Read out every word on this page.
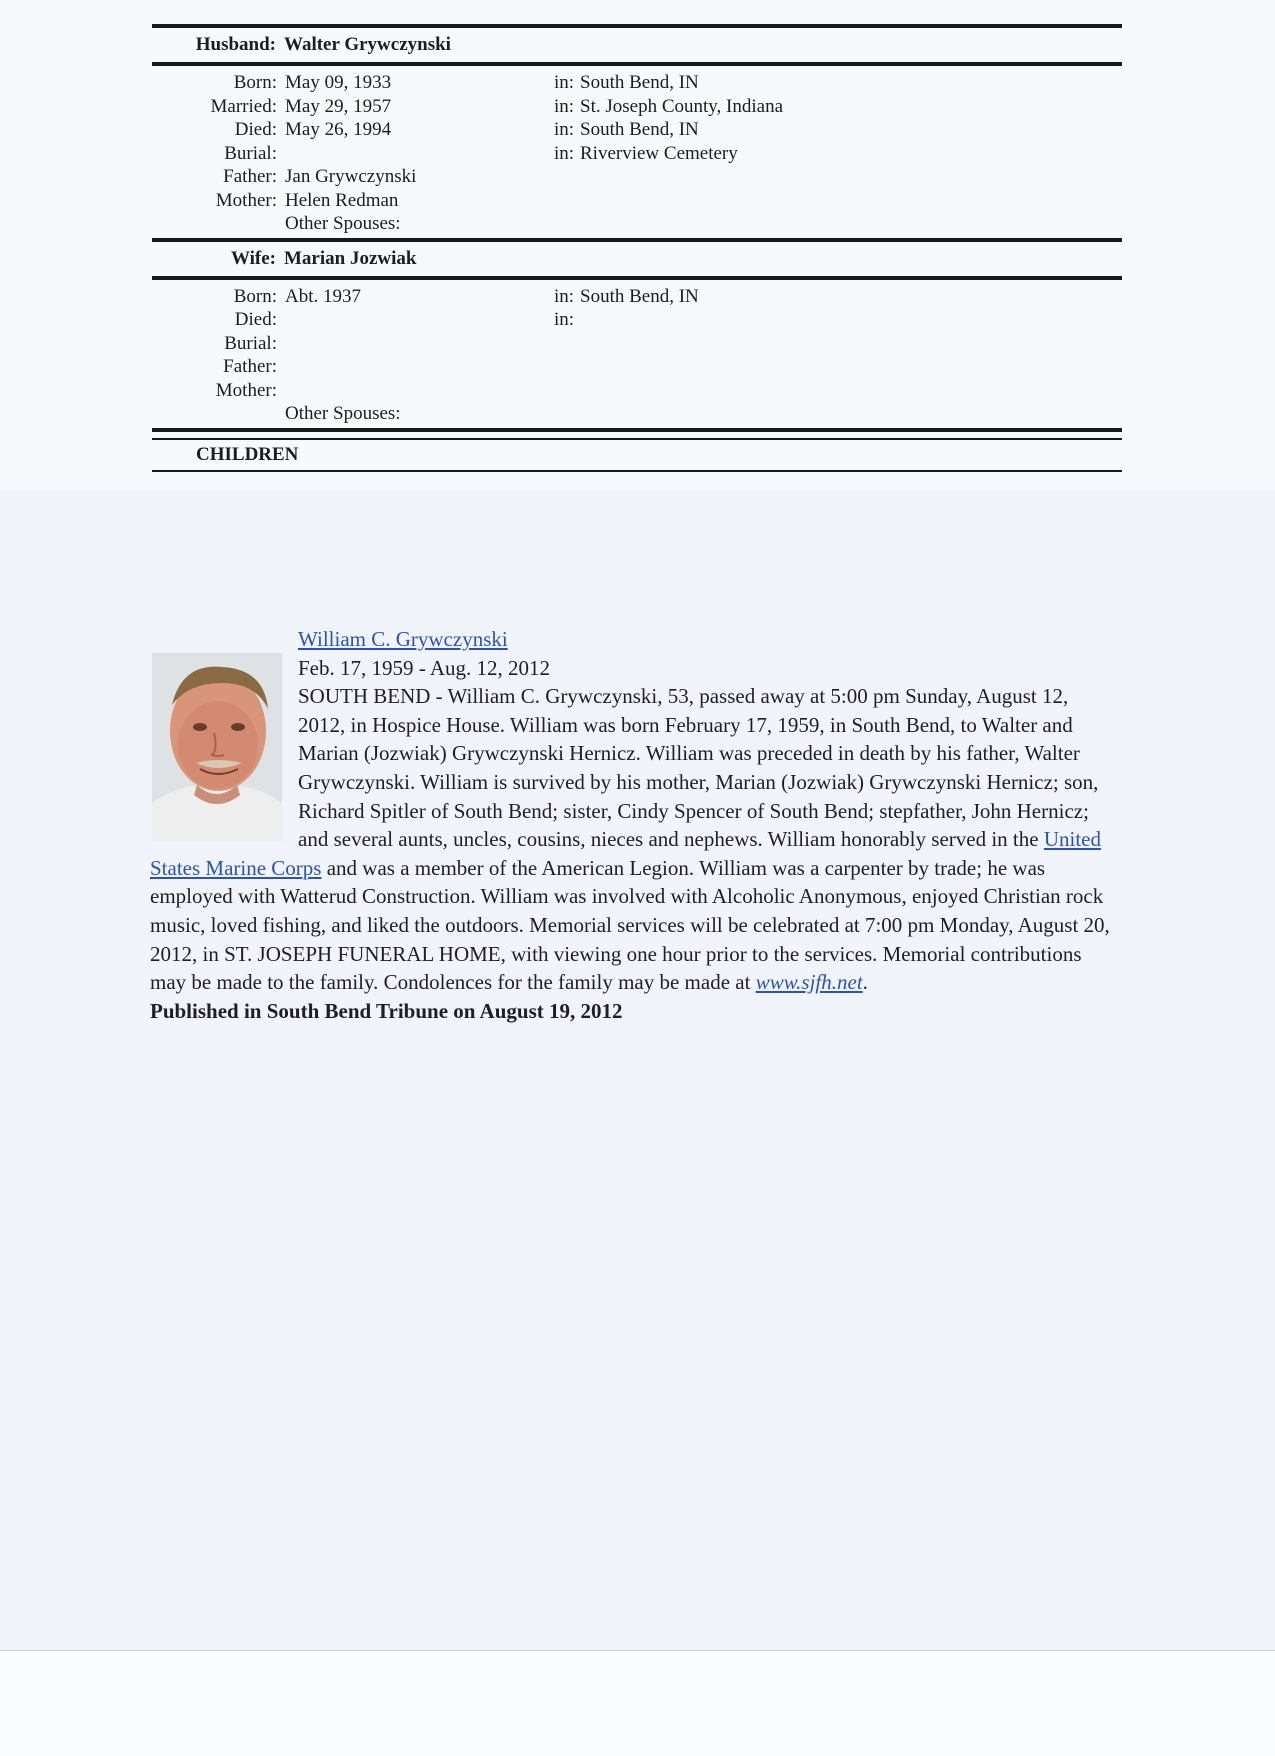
Husband: Walter Grywczynski
Born: May 09, 1933	in: South Bend, IN
Married: May 29, 1957	in: St. Joseph County, Indiana
Died: May 26, 1994	in: South Bend, IN
Burial:	in: Riverview Cemetery
Father: Jan Grywczynski
Mother: Helen Redman
Other Spouses:
Wife: Marian Jozwiak
Born: Abt. 1937	in: South Bend, IN
Died:	in:
Burial:
Father:
Mother:
Other Spouses:
CHILDREN
William C. Grywczynski
Feb. 17, 1959 - Aug. 12, 2012
SOUTH BEND - William C. Grywczynski, 53, passed away at 5:00 pm Sunday, August 12, 2012, in Hospice House. William was born February 17, 1959, in South Bend, to Walter and Marian (Jozwiak) Grywczynski Hernicz. William was preceded in death by his father, Walter Grywczynski. William is survived by his mother, Marian (Jozwiak) Grywczynski Hernicz; son, Richard Spitler of South Bend; sister, Cindy Spencer of South Bend; stepfather, John Hernicz; and several aunts, uncles, cousins, nieces and nephews. William honorably served in the United States Marine Corps and was a member of the American Legion. William was a carpenter by trade; he was employed with Watterud Construction. William was involved with Alcoholic Anonymous, enjoyed Christian rock music, loved fishing, and liked the outdoors. Memorial services will be celebrated at 7:00 pm Monday, August 20, 2012, in ST. JOSEPH FUNERAL HOME, with viewing one hour prior to the services. Memorial contributions may be made to the family. Condolences for the family may be made at www.sjfh.net.
Published in South Bend Tribune on August 19, 2012
